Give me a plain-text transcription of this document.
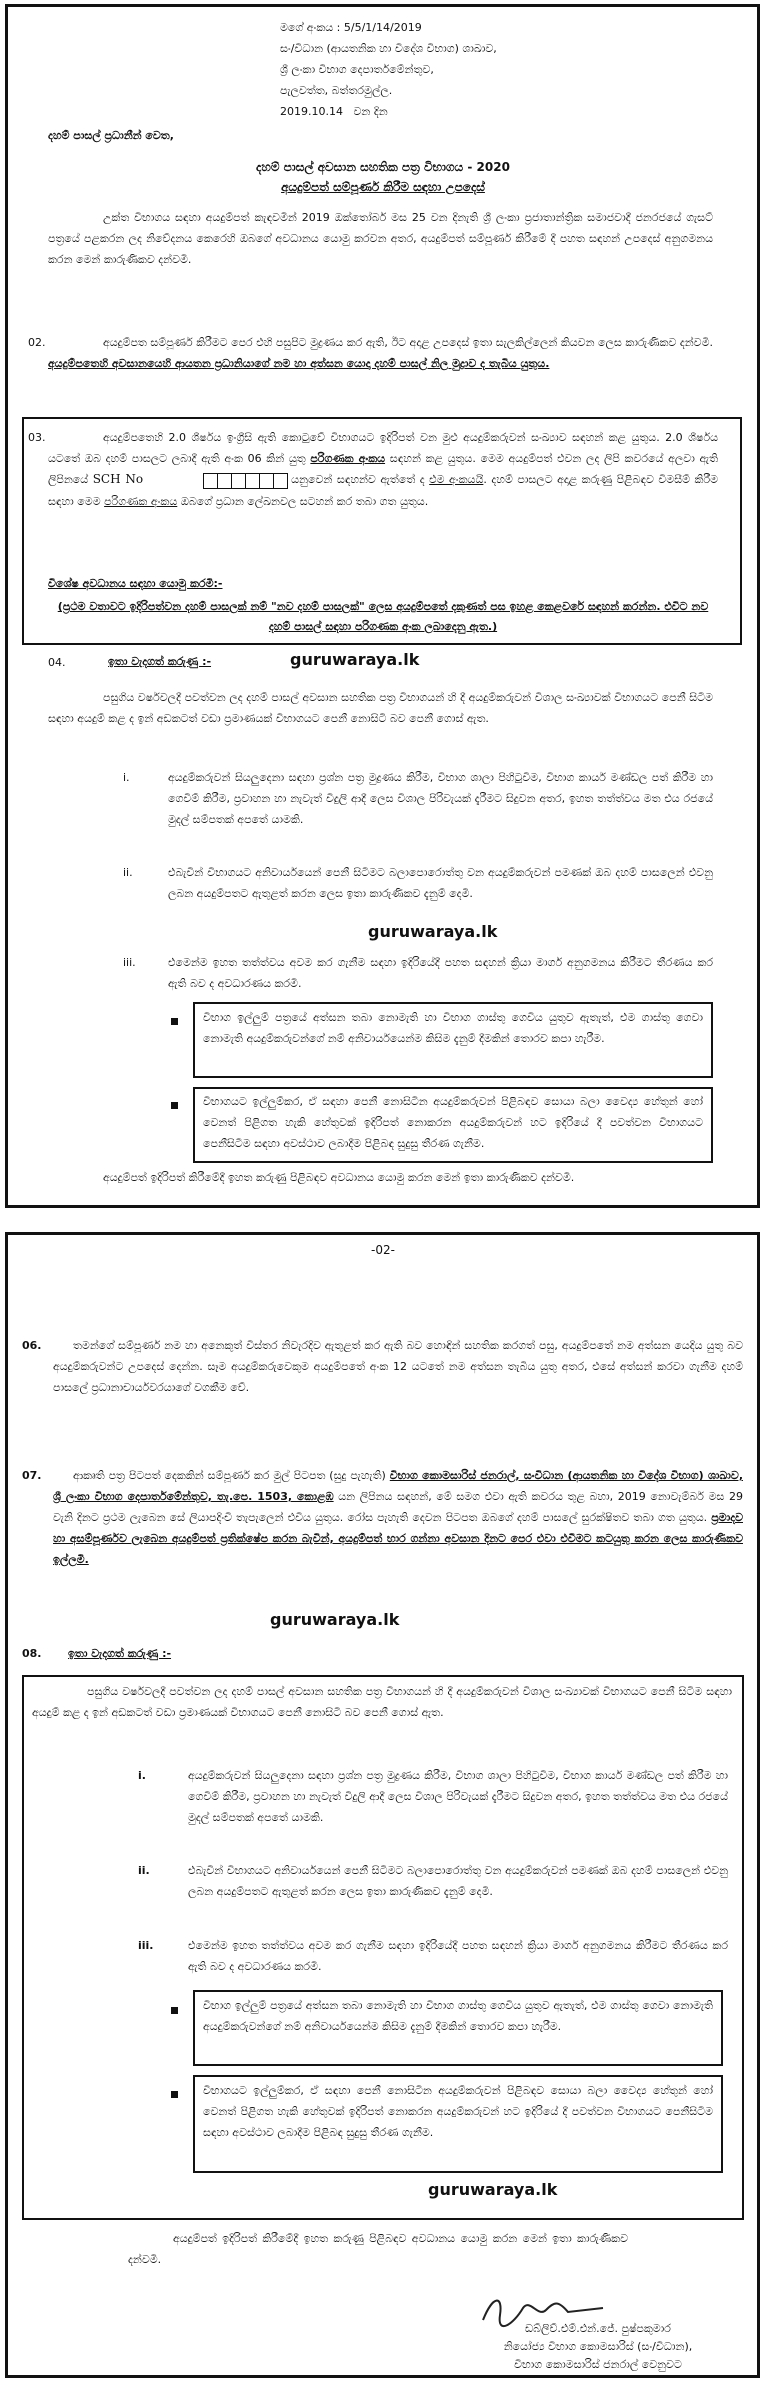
මගේ අංකය : 5/5/1/14/2019
සං/විධාන (ආයතනික හා විදේශ විභාග) ශාඛාව,
ශ්‍රී ලංකා විභාග දෙපාර්තමේන්තුව,
පැලවත්ත, බත්තරමුල්ල.
2019.10.14 වන දින
දහම් පාසල් ප්‍රධානීන් වෙත,
දහම් පාසල් අවසාන සහතික පත්‍ර විභාගය - 2020
අයදුම්පත් සම්පූර්ණ කිරීම සඳහා උපදෙස්
උක්ත විභාගය සඳහා අයදුම්පත් කැඳවමින් 2019 ඔක්තෝබර් මස 25 වන දිනැති ශ්‍රී ලංකා ප්‍රජාතාන්ත්‍රික සමාජවාදී ජනරජයේ ගැසට් පත්‍රයේ පළකරන ලද නිවේදනය කෙරෙහි ඔබගේ අවධානය යොමු කරවන අතර, අයදුම්පත් සම්පූර්ණ කිරීමේ දී පහත සඳහන් උපදෙස් අනුගමනය කරන මෙන් කාරුණිකව දන්වමි.
02.	අයදුම්පත සම්පූර්ණ කිරීමට පෙර එහි පසුපිට මුද්‍රණය කර ඇති, ඊට අදාළ උපදෙස් ඉතා සැලකිල්ලෙන් කියවන ලෙස කාරුණිකව දන්වමි. අයදුම්පතෙහි අවසානයෙහි ආයතන ප්‍රධානියාගේ නම හා අත්සන යොදා දහම් පාසල් නිල මුද්‍රාව ද තැබිය යුතුය.
03.	අයදුම්පතෙහි 2.0 ශීර්ෂය ඉංග්‍රීසි ඇති කොටුවේ විභාගයට ඉදිරිපත් වන මුළු අයදුම්කරුවන් සංඛ්‍යාව සඳහන් කළ යුතුය. 2.0 ශීර්ෂය යටතේ ඔබ දහම් පාසලට ලබාදී ඇති අංක 06 කින් යුතු පරිගණක අංකය සඳහන් කළ යුතුය. මෙම අයදුම්පත් එවන ලද ලිපි කවරයේ අලවා ඇති ලිපිනයේ SCH No	යනුවෙන් සඳහන්ව ඇත්තේ ද එම අංකයයි. දහම් පාසලට අදාළ කරුණු පිළිබඳව විමසීම් කිරීම සඳහා මෙම පරිගණක අංකය ඔබගේ ප්‍රධාන ලේඛනවල සටහන් කර තබා ගත යුතුය.
විශේෂ අවධානය සඳහා යොමු කරමි:-
(ප්‍රථම වතාවට ඉදිරිපත්වන දහම් පාසලක් නම් "නව දහම් පාසලක්" ලෙස අයදුම්පතේ දකුණත් පස ඉහළ කෙළවරේ සඳහන් කරන්න. එවිට නව දහම් පාසල් සඳහා පරිගණක අංක ලබාදෙනු ඇත.)
04.	ඉතා වැදගත් කරුණු :-	guruwaraya.lk
පසුගිය වර්ෂවලදී පවත්වන ලද දහම් පාසල් අවසාන සහතික පත්‍ර විභාගයන් හි දී අයදුම්කරුවන් විශාල සංඛ්‍යාවක් විභාගයට පෙනී සිටීම සඳහා අයදුම් කළ ද ඉන් අඩකටත් වඩා ප්‍රමාණයක් විභාගයට පෙනී නොසිටි බව පෙනී ගොස් ඇත.
i.	අයදුම්කරුවන් සියලුදෙනා සඳහා ප්‍රශ්න පත්‍ර මුද්‍රණය කිරීම, විභාග ශාලා පිහිටුවීම, විභාග කාර්ය මණ්ඩල පත් කිරීම හා ගෙවීම් කිරීම, ප්‍රවාහන හා නැවැත් විදුලි ආදී ලෙස විශාල පිරිවැයක් දැරීමට සිදුවන අතර, ඉහත තත්ත්වය මත එය රජයේ මුදල් සම්පතක් අපතේ යාමකි.
ii.	එබැවින් විභාගයට අනිවාර්යයෙන් පෙනී සිටීමට බලාපොරොත්තු වන අයදුම්කරුවන් පමණක් ඔබ දහම් පාසලෙන් එවනු ලබන අයදුම්පතට ඇතුළත් කරන ලෙස ඉතා කාරුණිකව දැනුම් දෙමි.
guruwaraya.lk
iii.	එමෙන්ම ඉහත තත්ත්වය අවම කර ගැනීම සඳහා ඉදිරියේදී පහත සඳහන් ක්‍රියා මාර්ග අනුගමනය කිරීමට තීරණය කර ඇති බව ද අවධාරණය කරමි.
විභාග ඉල්ලුම් පත්‍රයේ අත්සන තබා නොමැති හා විභාග ගාස්තු ගෙවිය යුතුව ඇතැත්, එම ගාස්තු ගෙවා නොමැති අයදුම්කරුවන්ගේ නම් අනිවාර්යයෙන්ම කිසිම දැනුම් දීමකින් තොරව කපා හැරීම.
විභාගයට ඉල්ලුම්කර, ඒ සඳහා පෙනී නොසිටින අයදුම්කරුවන් පිළිබඳව සොයා බලා වෛද්‍ය හේතුන් හෝ වෙනත් පිළිගත හැකි හේතුවක් ඉදිරිපත් නොකරන අයදුම්කරුවන් හට ඉදිරියේ දී පවත්වන විභාගයට පෙනීසිටීම සඳහා අවස්ථාව ලබාදීම පිළිබඳ සුදුසු තීරණ ගැනීම.
අයදුම්පත් ඉදිරිපත් කිරීමේදී ඉහත කරුණු පිළිබඳව අවධානය යොමු කරන මෙන් ඉතා කාරුණිකව දන්වමි.
-02-
06.	තමන්ගේ සම්පූර්ණ නම හා අනෙකුත් විස්තර නිවැරදිව ඇතුළත් කර ඇති බව හොඳින් සහතික කරගත් පසු, අයදුම්පතේ නම අත්සන යෙදිය යුතු බව අයදුම්කරුවන්ට උපදෙස් දෙන්න. සෑම අයදුම්කරුවෙකුම අයදුම්පතේ අංක 12 යටතේ නම අත්සන තැබිය යුතු අතර, එසේ අත්සන් කරවා ගැනීම දහම් පාසලේ ප්‍රධානාචාර්යවරයාගේ වගකීම වේ.
07.	ආකෘති පත්‍ර පිටපත් දෙකකින් සම්පූර්ණ කර මුල් පිටපත (සුදු පැහැති) විභාග කොමසාරිස් ජනරාල්, සංවිධාන (ආයතනික හා විදේශ විභාග) ශාඛාව, ශ්‍රී ලංකා විභාග දෙපාර්තමේන්තුව, තැ.පෙ. 1503, කොළඹ යන ලිපිනය සඳහන්, මේ සමග එවා ඇති කවරය තුළ බහා, 2019 නොවැම්බර් මස 29 වැනි දිනට ප්‍රථම ලැබෙන සේ ලියාපදිංචි තැපැලෙන් එවිය යුතුය. රෝස පැහැති දෙවන පිටපත ඔබගේ දහම් පාසලේ සුරක්ෂිතව තබා ගත යුතුය. ප්‍රමාදව හා අසම්පූර්ණව ලැබෙන අයදුම්පත් ප්‍රතික්ෂේප කරන බැවින්, අයදුම්පත් භාර ගන්නා අවසාන දිනට පෙර එවා එවීමට කටයුතු කරන ලෙස කාරුණිකව ඉල්ලමි.
guruwaraya.lk
08. ඉතා වැදගත් කරුණු :-
පසුගිය වර්ෂවලදී පවත්වන ලද දහම් පාසල් අවසාන සහතික පත්‍ර විභාගයන් හි දී අයදුම්කරුවන් විශාල සංඛ්‍යාවක් විභාගයට පෙනී සිටීම සඳහා අයදුම් කළ ද ඉන් අඩකටත් වඩා ප්‍රමාණයක් විභාගයට පෙනී නොසිටි බව පෙනී ගොස් ඇත.
i.	අයදුම්කරුවන් සියලුදෙනා සඳහා ප්‍රශ්න පත්‍ර මුද්‍රණය කිරීම, විභාග ශාලා පිහිටුවීම, විභාග කාර්ය මණ්ඩල පත් කිරීම හා ගෙවීම් කිරීම, ප්‍රවාහන හා නැවැත් විදුලි ආදී ලෙස විශාල පිරිවැයක් දැරීමට සිදුවන අතර, ඉහත තත්ත්වය මත එය රජයේ මුදල් සම්පතක් අපතේ යාමකි.
ii.	එබැවින් විභාගයට අනිවාර්යයෙන් පෙනී සිටීමට බලාපොරොත්තු වන අයදුම්කරුවන් පමණක් ඔබ දහම් පාසලෙන් එවනු ලබන අයදුම්පතට ඇතුළත් කරන ලෙස ඉතා කාරුණිකව දැනුම් දෙමි.
iii.	එමෙන්ම ඉහත තත්ත්වය අවම කර ගැනීම සඳහා ඉදිරියේදී පහත සඳහන් ක්‍රියා මාර්ග අනුගමනය කිරීමට තීරණය කර ඇති බව ද අවධාරණය කරමි.
විභාග ඉල්ලුම් පත්‍රයේ අත්සන තබා නොමැති හා විභාග ගාස්තු ගෙවිය යුතුව ඇතැත්, එම ගාස්තු ගෙවා නොමැති අයදුම්කරුවන්ගේ නම් අනිවාර්යයෙන්ම කිසිම දැනුම් දීමකින් තොරව කපා හැරීම.
විභාගයට ඉල්ලුම්කර, ඒ සඳහා පෙනී නොසිටින අයදුම්කරුවන් පිළිබඳව සොයා බලා වෛද්‍ය හේතුන් හෝ වෙනත් පිළිගත හැකි හේතුවක් ඉදිරිපත් නොකරන අයදුම්කරුවන් හට ඉදිරියේ දී පවත්වන විභාගයට පෙනීසිටීම සඳහා අවස්ථාව ලබාදීම පිළිබඳ සුදුසු තීරණ ගැනීම.
guruwaraya.lk
අයදුම්පත් ඉදිරිපත් කිරීමේදී ඉහත කරුණු පිළිබඳව අවධානය යොමු කරන මෙන් ඉතා කාරුණිකව දන්වමි.
ඩබ්ලිව්.එම්.එන්.ජේ. පුෂ්පකුමාර
නියෝජ්‍ය විභාග කොමසාරිස් (සං/විධාන),
විභාග කොමසාරිස් ජනරාල් වෙනුවට
